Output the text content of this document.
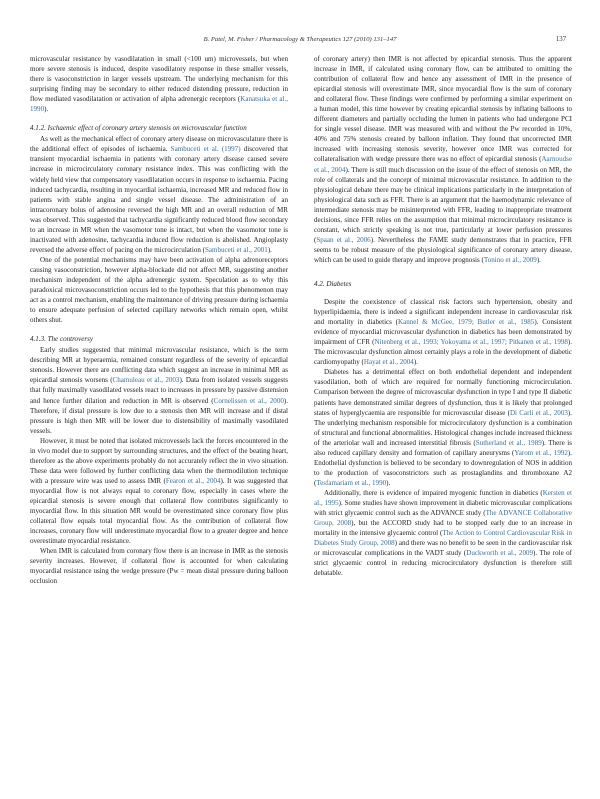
B. Patel, M. Fisher / Pharmacology & Therapeutics 127 (2010) 131–147	137

microvascular resistance by vasodilatation in small (<100 um) microvessels, but when more severe stenosis is induced, despite vasodilatory response in these smaller vessels, there is vasoconstriction in larger vessels upstream. The underlying mechanism for this surprising finding may be secondary to either reduced distending pressure, reduction in flow mediated vasodilatation or activation of alpha adrenergic receptors (Kanatsuka et al., 1990).

4.1.2. Ischaemic effect of coronary artery stenosis on microvascular function

As well as the mechanical effect of coronary artery disease on microvasculature there is the additional effect of episodes of ischaemia. Sambuceti et al. (1997) discovered that transient myocardial ischaemia in patients with coronary artery disease caused severe increase in microcirculatory coronary resistance index. This was conflicting with the widely held view that compensatory vasodilatation occurs in response to ischaemia. Pacing induced tachycardia, resulting in myocardial ischaemia, increased MR and reduced flow in patients with stable angina and single vessel disease. The administration of an intracoronary bolus of adenosine reversed the high MR and an overall reduction of MR was observed. This suggested that tachycardia significantly reduced blood flow secondary to an increase in MR when the vasomotor tone is intact, but when the vasomotor tone is inactivated with adenosine, tachycardia induced flow reduction is abolished. Angioplasty reversed the adverse effect of pacing on the microcirculation (Sambuceti et al., 2001).

One of the potential mechanisms may have been activation of alpha adrenoreceptors causing vasoconstriction, however alpha-blockade did not affect MR, suggesting another mechanism independent of the alpha adrenergic system. Speculation as to why this paradoxical microvasoconstriction occurs led to the hypothesis that this phenomenon may act as a control mechanism, enabling the maintenance of driving pressure during ischaemia to ensure adequate perfusion of selected capillary networks which remain open, whilst others shut.

4.1.3. The controversy

Early studies suggested that minimal microvascular resistance, which is the term describing MR at hyperaemia, remained constant regardless of the severity of epicardial stenosis. However there are conflicting data which suggest an increase in minimal MR as epicardial stenosis worsens (Chamuleau et al., 2003). Data from isolated vessels suggests that fully maximally vasodilated vessels react to increases in pressure by passive distension and hence further dilation and reduction in MR is observed (Cornelissen et al., 2000). Therefore, if distal pressure is low due to a stenosis then MR will increase and if distal pressure is high then MR will be lower due to distensibility of maximally vasodilated vessels.

However, it must be noted that isolated microvessels lack the forces encountered in the in vivo model due to support by surrounding structures, and the effect of the beating heart, therefore as the above experiments probably do not accurately reflect the in vivo situation. These data were followed by further conflicting data when the thermodilution technique with a pressure wire was used to assess IMR (Fearon et al., 2004). It was suggested that myocardial flow is not always equal to coronary flow, especially in cases where the epicardial stenosis is severe enough that collateral flow contributes significantly to myocardial flow. In this situation MR would be overestimated since coronary flow plus collateral flow equals total myocardial flow. As the contribution of collateral flow increases, coronary flow will underestimate myocardial flow to a greater degree and hence overestimate myocardial resistance.

When IMR is calculated from coronary flow there is an increase in IMR as the stenosis severity increases. However, if collateral flow is accounted for when calculating myocardial resistance using the wedge pressure (Pw = mean distal pressure during balloon occlusion

of coronary artery) then IMR is not affected by epicardial stenosis. Thus the apparent increase in IMR, if calculated using coronary flow, can be attributed to omitting the contribution of collateral flow and hence any assessment of IMR in the presence of epicardial stenosis will overestimate IMR, since myocardial flow is the sum of coronary and collateral flow. These findings were confirmed by performing a similar experiment on a human model, this time however by creating epicardial stenosis by inflating balloons to different diameters and partially occluding the lumen in patients who had undergone PCI for single vessel disease. IMR was measured with and without the Pw recorded in 10%, 40% and 75% stenosis created by balloon inflation. They found that uncorrected IMR increased with increasing stenosis severity, however once IMR was corrected for collateralisation with wedge pressure there was no effect of epicardial stenosis (Aarnoudse et al., 2004). There is still much discussion on the issue of the effect of stenosis on MR, the role of collaterals and the concept of minimal microvascular resistance. In addition to the physiological debate there may be clinical implications particularly in the interpretation of physiological data such as FFR. There is an argument that the haemodynamic relevance of intermediate stenosis may be misinterpreted with FFR, leading to inappropriate treatment decisions, since FFR relies on the assumption that minimal microcirculatory resistance is constant, which strictly speaking is not true, particularly at lower perfusion pressures (Spaan et al., 2006). Nevertheless the FAME study demonstrates that in practice, FFR seems to be robust measure of the physiological significance of coronary artery disease, which can be used to guide therapy and improve prognosis (Tonino et al., 2009).

4.2. Diabetes

Despite the coexistence of classical risk factors such hypertension, obesity and hyperlipidaemia, there is indeed a significant independent increase in cardiovascular risk and mortality in diabetics (Kannel & McGee, 1979; Butler et al., 1985). Consistent evidence of myocardial microvascular dysfunction in diabetics has been demonstrated by impairment of CFR (Nitenberg et al., 1993; Yokoyama et al., 1997; Pitkanen et al., 1998). The microvascular dysfunction almost certainly plays a role in the development of diabetic cardiomyopathy (Hayat et al., 2004).

Diabetes has a detrimental effect on both endothelial dependent and independent vasodilation, both of which are required for normally functioning microcirculation. Comparison between the degree of microvascular dysfunction in type I and type II diabetic patients have demonstrated similar degrees of dysfunction, thus it is likely that prolonged states of hyperglycaemia are responsible for microvascular disease (Di Carli et al., 2003). The underlying mechanism responsible for microcirculatory dysfunction is a combination of structural and functional abnormalities. Histological changes include increased thickness of the arteriolar wall and increased interstitial fibrosis (Sutherland et al., 1989). There is also reduced capillary density and formation of capillary aneurysms (Yarom et al., 1992). Endothelial dysfunction is believed to be secondary to downregulation of NOS in addition to the production of vasoconstrictors such as prostaglandins and thromboxane A2 (Tesfamariam et al., 1990).

Additionally, there is evidence of impaired myogenic function in diabetics (Kersten et al., 1995). Some studies have shown improvement in diabetic microvascular complications with strict glycaemic control such as the ADVANCE study (The ADVANCE Collaborative Group, 2008), but the ACCORD study had to be stopped early due to an increase in mortality in the intensive glycaemic control (The Action to Control Cardiovascular Risk in Diabetes Study Group, 2008) and there was no benefit to be seen in the cardiovascular risk or microvascular complications in the VADT study (Duckworth et al., 2009). The role of strict glycaemic control in reducing microcirculatory dysfunction is therefore still debatable.
